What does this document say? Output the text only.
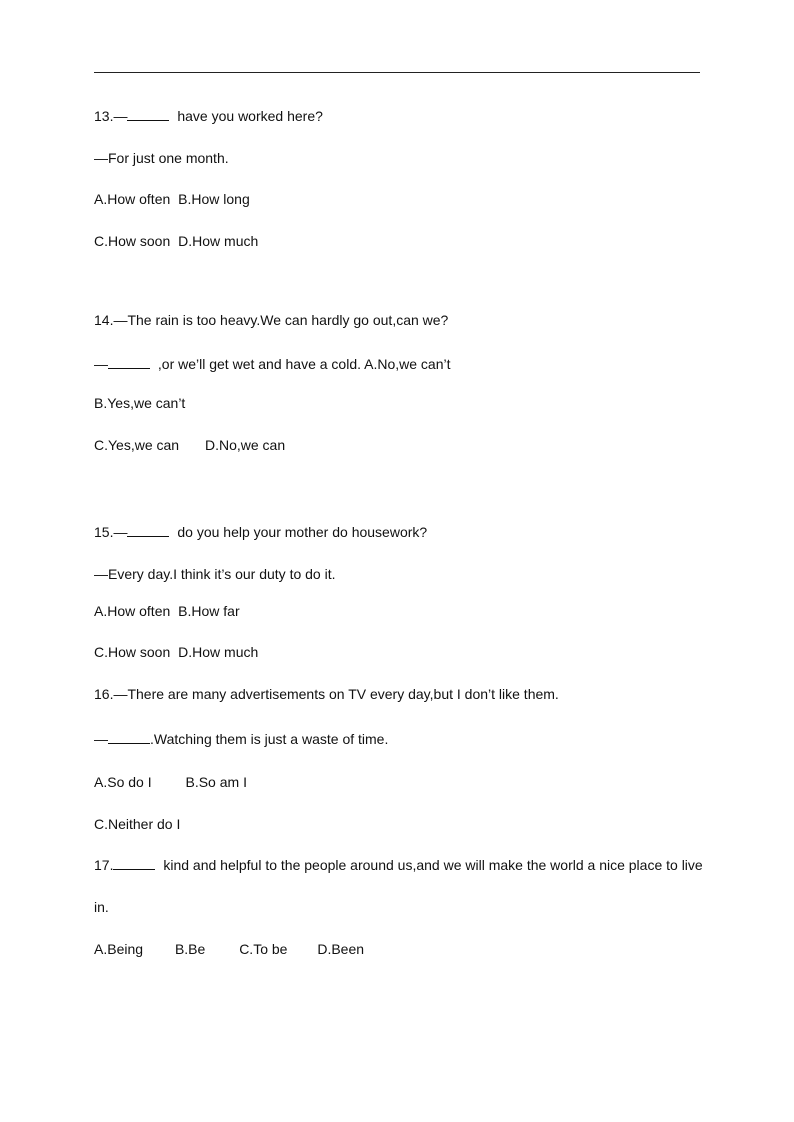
13.—	have you worked here?
—For just one month.
A.How often B.How long
C.How soon D.How much
14.—The rain is too heavy.We can hardly go out,can we?
—	,or we’ll get wet and have a cold. A.No,we can’t
B.Yes,we can’t
C.Yes,we can D.No,we can
15.—	do you help your mother do housework?
—Every day.I think it’s our duty to do it.
A.How often B.How far
C.How soon D.How much
16.—There are many advertisements on TV every day,but I don’t like them.
—	.Watching them is just a waste of time.
A.So do I B.So am I
C.Neither do I
17.	kind and helpful to the people around us,and we will make the world a nice place to live
in.
A.Being B.Be C.To be D.Been
